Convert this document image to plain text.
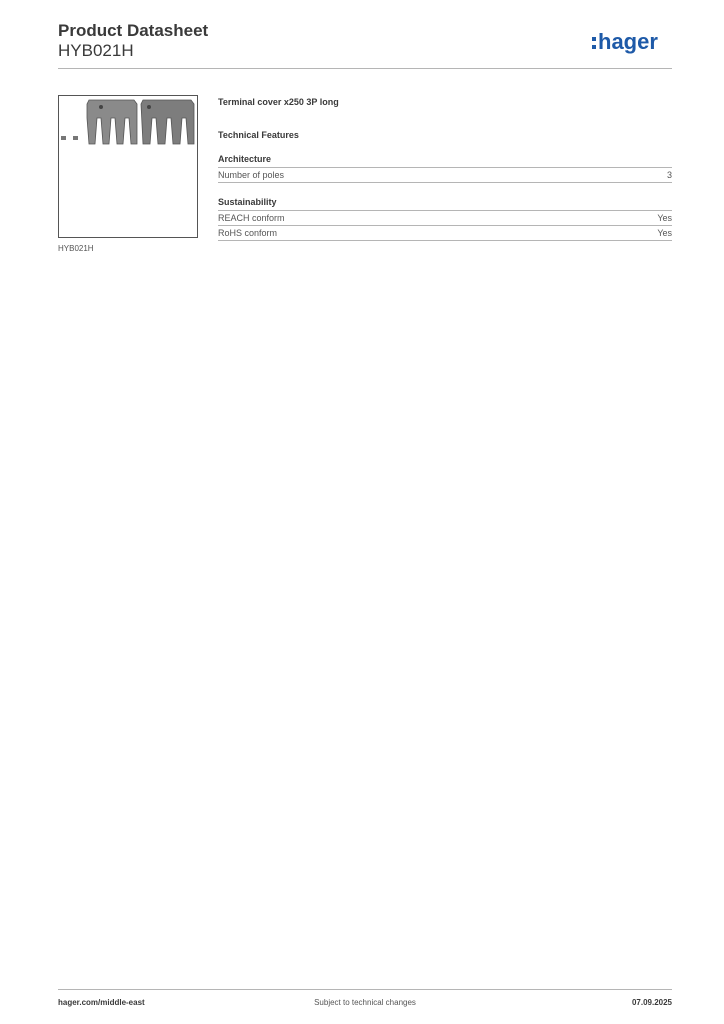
Product Datasheet
HYB021H	hager
HYB021H
Terminal cover x250 3P long
Technical Features
Architecture
Number of poles	3
Sustainability
REACH conform	Yes
RoHS conform	Yes
hager.com/middle-east	Subject to technical changes	07.09.2025
